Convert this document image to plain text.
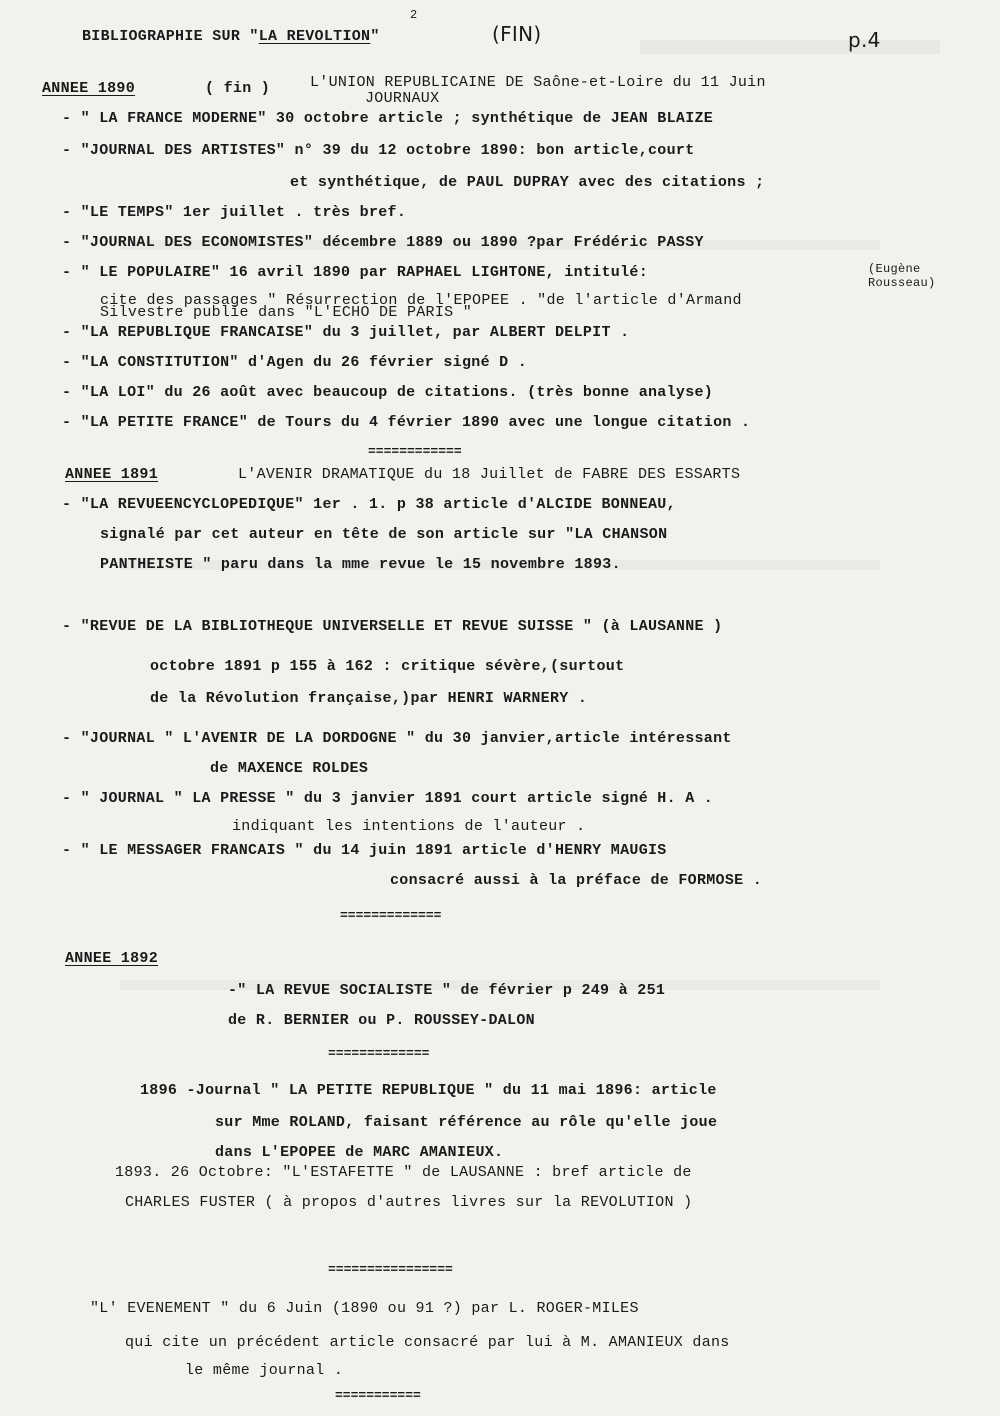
BIBLIOGRAPHIE SUR "LA REVOLTION"
2
(FIN)	p.4
ANNEE 1890	( fin )	L'UNION REPUBLICAINE DE Saône-et-Loire du 11 Juin
JOURNAUX
- " LA FRANCE MODERNE" 30 octobre article ; synthétique de JEAN BLAIZE
- "JOURNAL DES ARTISTES" n° 39 du 12 octobre 1890: bon article,court
et synthétique, de PAUL DUPRAY avec des citations ;
- "LE TEMPS" 1er juillet . très bref.
- "JOURNAL DES ECONOMISTES" décembre 1889 ou 1890 ?par Frédéric PASSY
- " LE POPULAIRE" 16 avril 1890 par RAPHAEL LIGHTONE, intitulé:	(Eugène
Rousseau)
Silvestre publie dans "L'ECHO DE PARIS "
cite des passages " Résurrection de l'EPOPEE . "de l'article d'Armand
- "LA REPUBLIQUE FRANCAISE" du 3 juillet, par ALBERT DELPIT .
- "LA CONSTITUTION" d'Agen du 26 février signé D .
- "LA LOI" du 26 août avec beaucoup de citations. (très bonne analyse)
- "LA PETITE FRANCE" de Tours du 4 février 1890 avec une longue citation .
============
ANNEE 1891	L'AVENIR DRAMATIQUE du 18 Juillet de FABRE DES ESSARTS
- "LA REVUEENCYCLOPEDIQUE" 1er . 1. p 38 article d'ALCIDE BONNEAU,
signalé par cet auteur en tête de son article sur "LA CHANSON
PANTHEISTE " paru dans la mme revue le 15 novembre 1893.
- "REVUE DE LA BIBLIOTHEQUE UNIVERSELLE ET REVUE SUISSE " (à LAUSANNE )
octobre 1891 p 155 à 162 : critique sévère,(surtout
de la Révolution française,)par HENRI WARNERY .
- "JOURNAL " L'AVENIR DE LA DORDOGNE " du 30 janvier,article intéressant
de MAXENCE ROLDES
- " JOURNAL " LA PRESSE " du 3 janvier 1891 court article signé H. A .
indiquant les intentions de l'auteur .
- " LE MESSAGER FRANCAIS " du 14 juin 1891 article d'HENRY MAUGIS
consacré aussi à la préface de FORMOSE .
=============
ANNEE 1892
-" LA REVUE SOCIALISTE " de février p 249 à 251
de R. BERNIER ou P. ROUSSEY-DALON
=============
1896 -Journal " LA PETITE REPUBLIQUE " du 11 mai 1896: article
sur Mme ROLAND, faisant référence au rôle qu'elle joue
dans L'EPOPEE de MARC AMANIEUX.
1893. 26 Octobre: "L'ESTAFETTE " de LAUSANNE : bref article de
CHARLES FUSTER ( à propos d'autres livres sur la REVOLUTION )
================
"L' EVENEMENT " du 6 Juin (1890 ou 91 ?) par L. ROGER-MILES
qui cite un précédent article consacré par lui à M. AMANIEUX dans
le même journal .
===========
